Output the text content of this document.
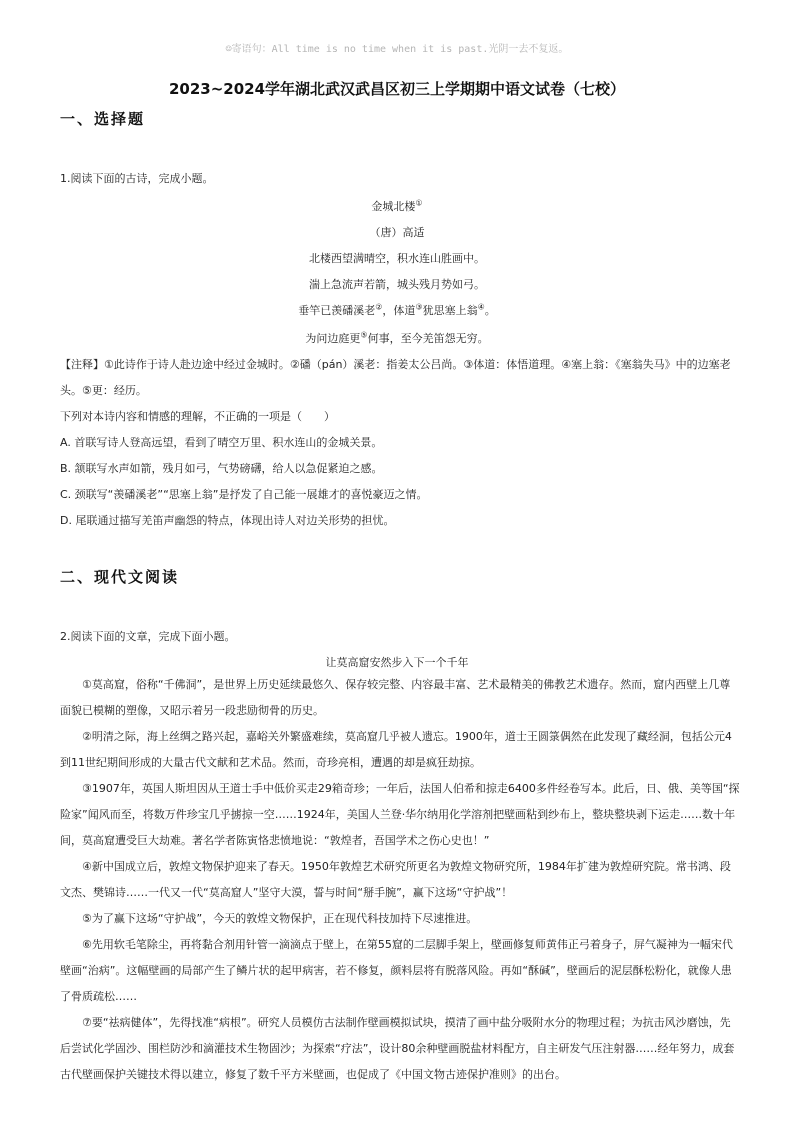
☺寄语句：All time is no time when it is past.光阴一去不复返。
2023~2024学年湖北武汉武昌区初三上学期期中语文试卷（七校）
一、选择题
1.阅读下面的古诗，完成小题。
金城北楼①
（唐）高适
北楼西望满晴空，积水连山胜画中。
湍上急流声若箭，城头残月势如弓。
垂竿已羡磻溪老②，体道③犹思塞上翁④。
为问边庭更⑤何事，至今羌笛怨无穷。

【注释】①此诗作于诗人赴边途中经过金城时。②磻（pán）溪老：指姜太公吕尚。③体道：体悟道理。④塞上翁：《塞翁失马》中的边塞老头。⑤更：经历。

下列对本诗内容和情感的理解，不正确的一项是（　　）

A. 首联写诗人登高远望，看到了晴空万里、积水连山的金城关景。

B. 颔联写水声如箭，残月如弓，气势磅礴，给人以急促紧迫之感。

C. 颈联写“羡磻溪老”“思塞上翁”是抒发了自己能一展雄才的喜悦豪迈之情。

D. 尾联通过描写羌笛声幽怨的特点，体现出诗人对边关形势的担忧。

二、现代文阅读
2.阅读下面的文章，完成下面小题。
让莫高窟安然步入下一个千年

①莫高窟，俗称“千佛洞”，是世界上历史延续最悠久、保存较完整、内容最丰富、艺术最精美的佛教艺术遗存。然而，窟内西壁上几尊面貌已模糊的塑像，又昭示着另一段悲励彻骨的历史。

②明清之际，海上丝绸之路兴起，嘉峪关外繁盛难续，莫高窟几乎被人遗忘。1900年，道士王圆箓偶然在此发现了藏经洞，包括公元4到11世纪期间形成的大量古代文献和艺术品。然而，奇珍亮相，遭遇的却是疯狂劫掠。

③1907年，英国人斯坦因从王道士手中低价买走29箱奇珍；一年后，法国人伯希和掠走6400多件经卷写本。此后，日、俄、美等国“探险家”闻风而至，将数万件珍宝几乎掳掠一空……1924年，美国人兰登·华尔纳用化学溶剂把壁画粘到纱布上，整块整块剥下运走……数十年间，莫高窟遭受巨大劫难。著名学者陈寅恪悲愤地说：“敦煌者，吾国学术之伤心史也！”

④新中国成立后，敦煌文物保护迎来了春天。1950年敦煌艺术研究所更名为敦煌文物研究所，1984年扩建为敦煌研究院。常书鸿、段文杰、樊锦诗……一代又一代“莫高窟人”坚守大漠，誓与时间“掰手腕”，赢下这场“守护战”！

⑤为了赢下这场“守护战”，今天的敦煌文物保护，正在现代科技加持下尽速推进。

⑥先用软毛笔除尘，再将黏合剂用针管一滴滴点于壁上，在第55窟的二层脚手架上，壁画修复师黄伟正弓着身子，屏气凝神为一幅宋代壁画“治病”。这幅壁画的局部产生了鳞片状的起甲病害，若不修复，颜料层将有脱落风险。再如“酥碱”，壁画后的泥层酥松粉化，就像人患了骨质疏松……

⑦要“祛病健体”，先得找准“病根”。研究人员模仿古法制作壁画模拟试块，摸清了画中盐分吸附水分的物理过程；为抗击风沙磨蚀，先后尝试化学固沙、围栏防沙和滴灌技术生物固沙；为探索“疗法”，设计80余种壁画脱盐材料配方，自主研发气压注射器……经年努力，成套古代壁画保护关键技术得以建立，修复了数千平方米壁画，也促成了《中国文物古迹保护准则》的出台。
